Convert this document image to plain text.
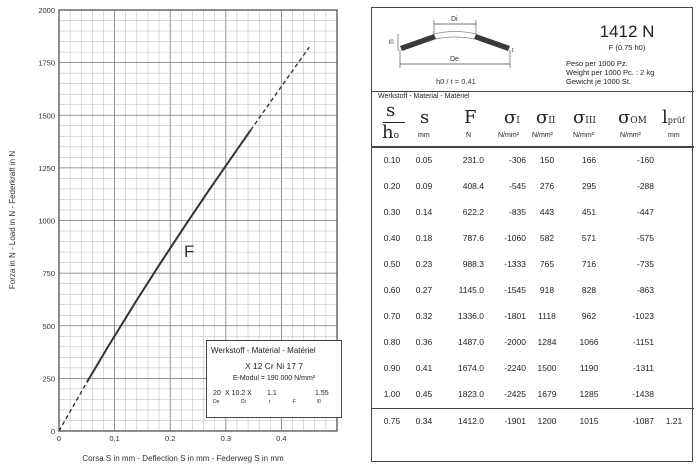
0
250
500
750
1000
1250
1500
1750
2000
0	0.1	0.2	0.3	0.4
F
Forza in N - Load in N - Federkraft in N
Corsa S in mm - Deflection S in mm - Federweg S in mm
Werkstoff - Material - Matériel
X 12 Cr Ni 17 7
E-Modul = 190 000 N/mm²
20 X 10.2 X 1.1	1.55
De	Di	t	F	l0
Di
De
l0
t
h0 / t = 0.41
1412 N
F (0.75 h0)
Peso per 1000 Pz.
Weight per 1000 Pc. : 2 kg
Gewicht je 1000 St.
Werkstoff - Material - Matériel
s
ho
s
mm
F
N
σI
N/mm²
σII
N/mm²
σIII
N/mm²
σOM
N/mm²
lprüf
mm
0.10	0.05	231.0	-306	150	166	-160
0.20	0.09	408.4	-545	276	295	-288
0.30	0.14	622.2	-835	443	451	-447
0.40	0.18	787.6	-1060	582	571	-575
0.50	0.23	988.3	-1333	765	716	-735
0.60	0.27	1145.0	-1545	918	828	-863
0.70	0.32	1336.0	-1801	1118	962	-1023
0.80	0.36	1487.0	-2000	1284	1066	-1151
0.90	0.41	1674.0	-2240	1500	1190	-1311
1.00	0.45	1823.0	-2425	1679	1285	-1438
0.75	0.34	1412.0	-1901	1200	1015	-1087	1.21
